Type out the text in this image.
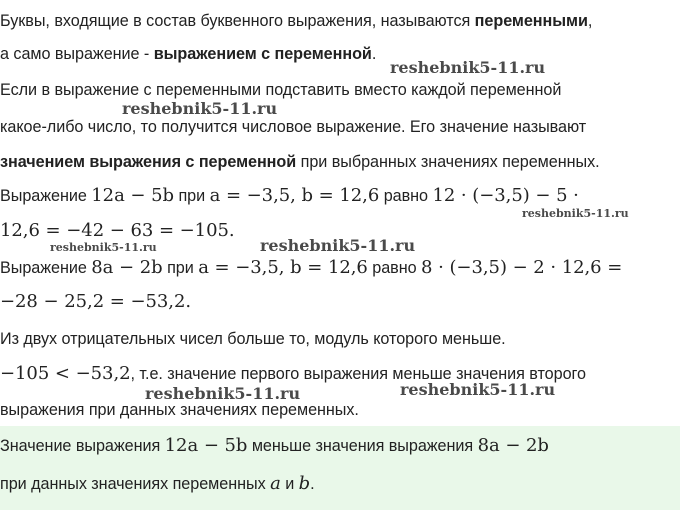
Буквы, входящие в состав буквенного выражения, называются переменными,
а само выражение - выражением с переменной.
Если в выражение с переменными подставить вместо каждой переменной
какое-либо число, то получится числовое выражение. Его значение называют
значением выражения с переменной при выбранных значениях переменных.
Выражение 12a − 5b при a = −3,5, b = 12,6 равно 12 · (−3,5) − 5 ·
12,6 = −42 − 63 = −105.
Выражение 8a − 2b при a = −3,5, b = 12,6 равно 8 · (−3,5) − 2 · 12,6 =
−28 − 25,2 = −53,2.
Из двух отрицательных чисел больше то, модуль которого меньше.
−105 < −53,2, т.е. значение первого выражения меньше значения второго
выражения при данных значениях переменных.
Значение выражения 12a − 5b меньше значения выражения 8a − 2b
при данных значениях переменных a и b.
reshebnik5-11.ru
reshebnik5-11.ru
reshebnik5-11.ru
reshebnik5-11.ru	reshebnik5-11.ru
reshebnik5-11.ru	reshebnik5-11.ru
